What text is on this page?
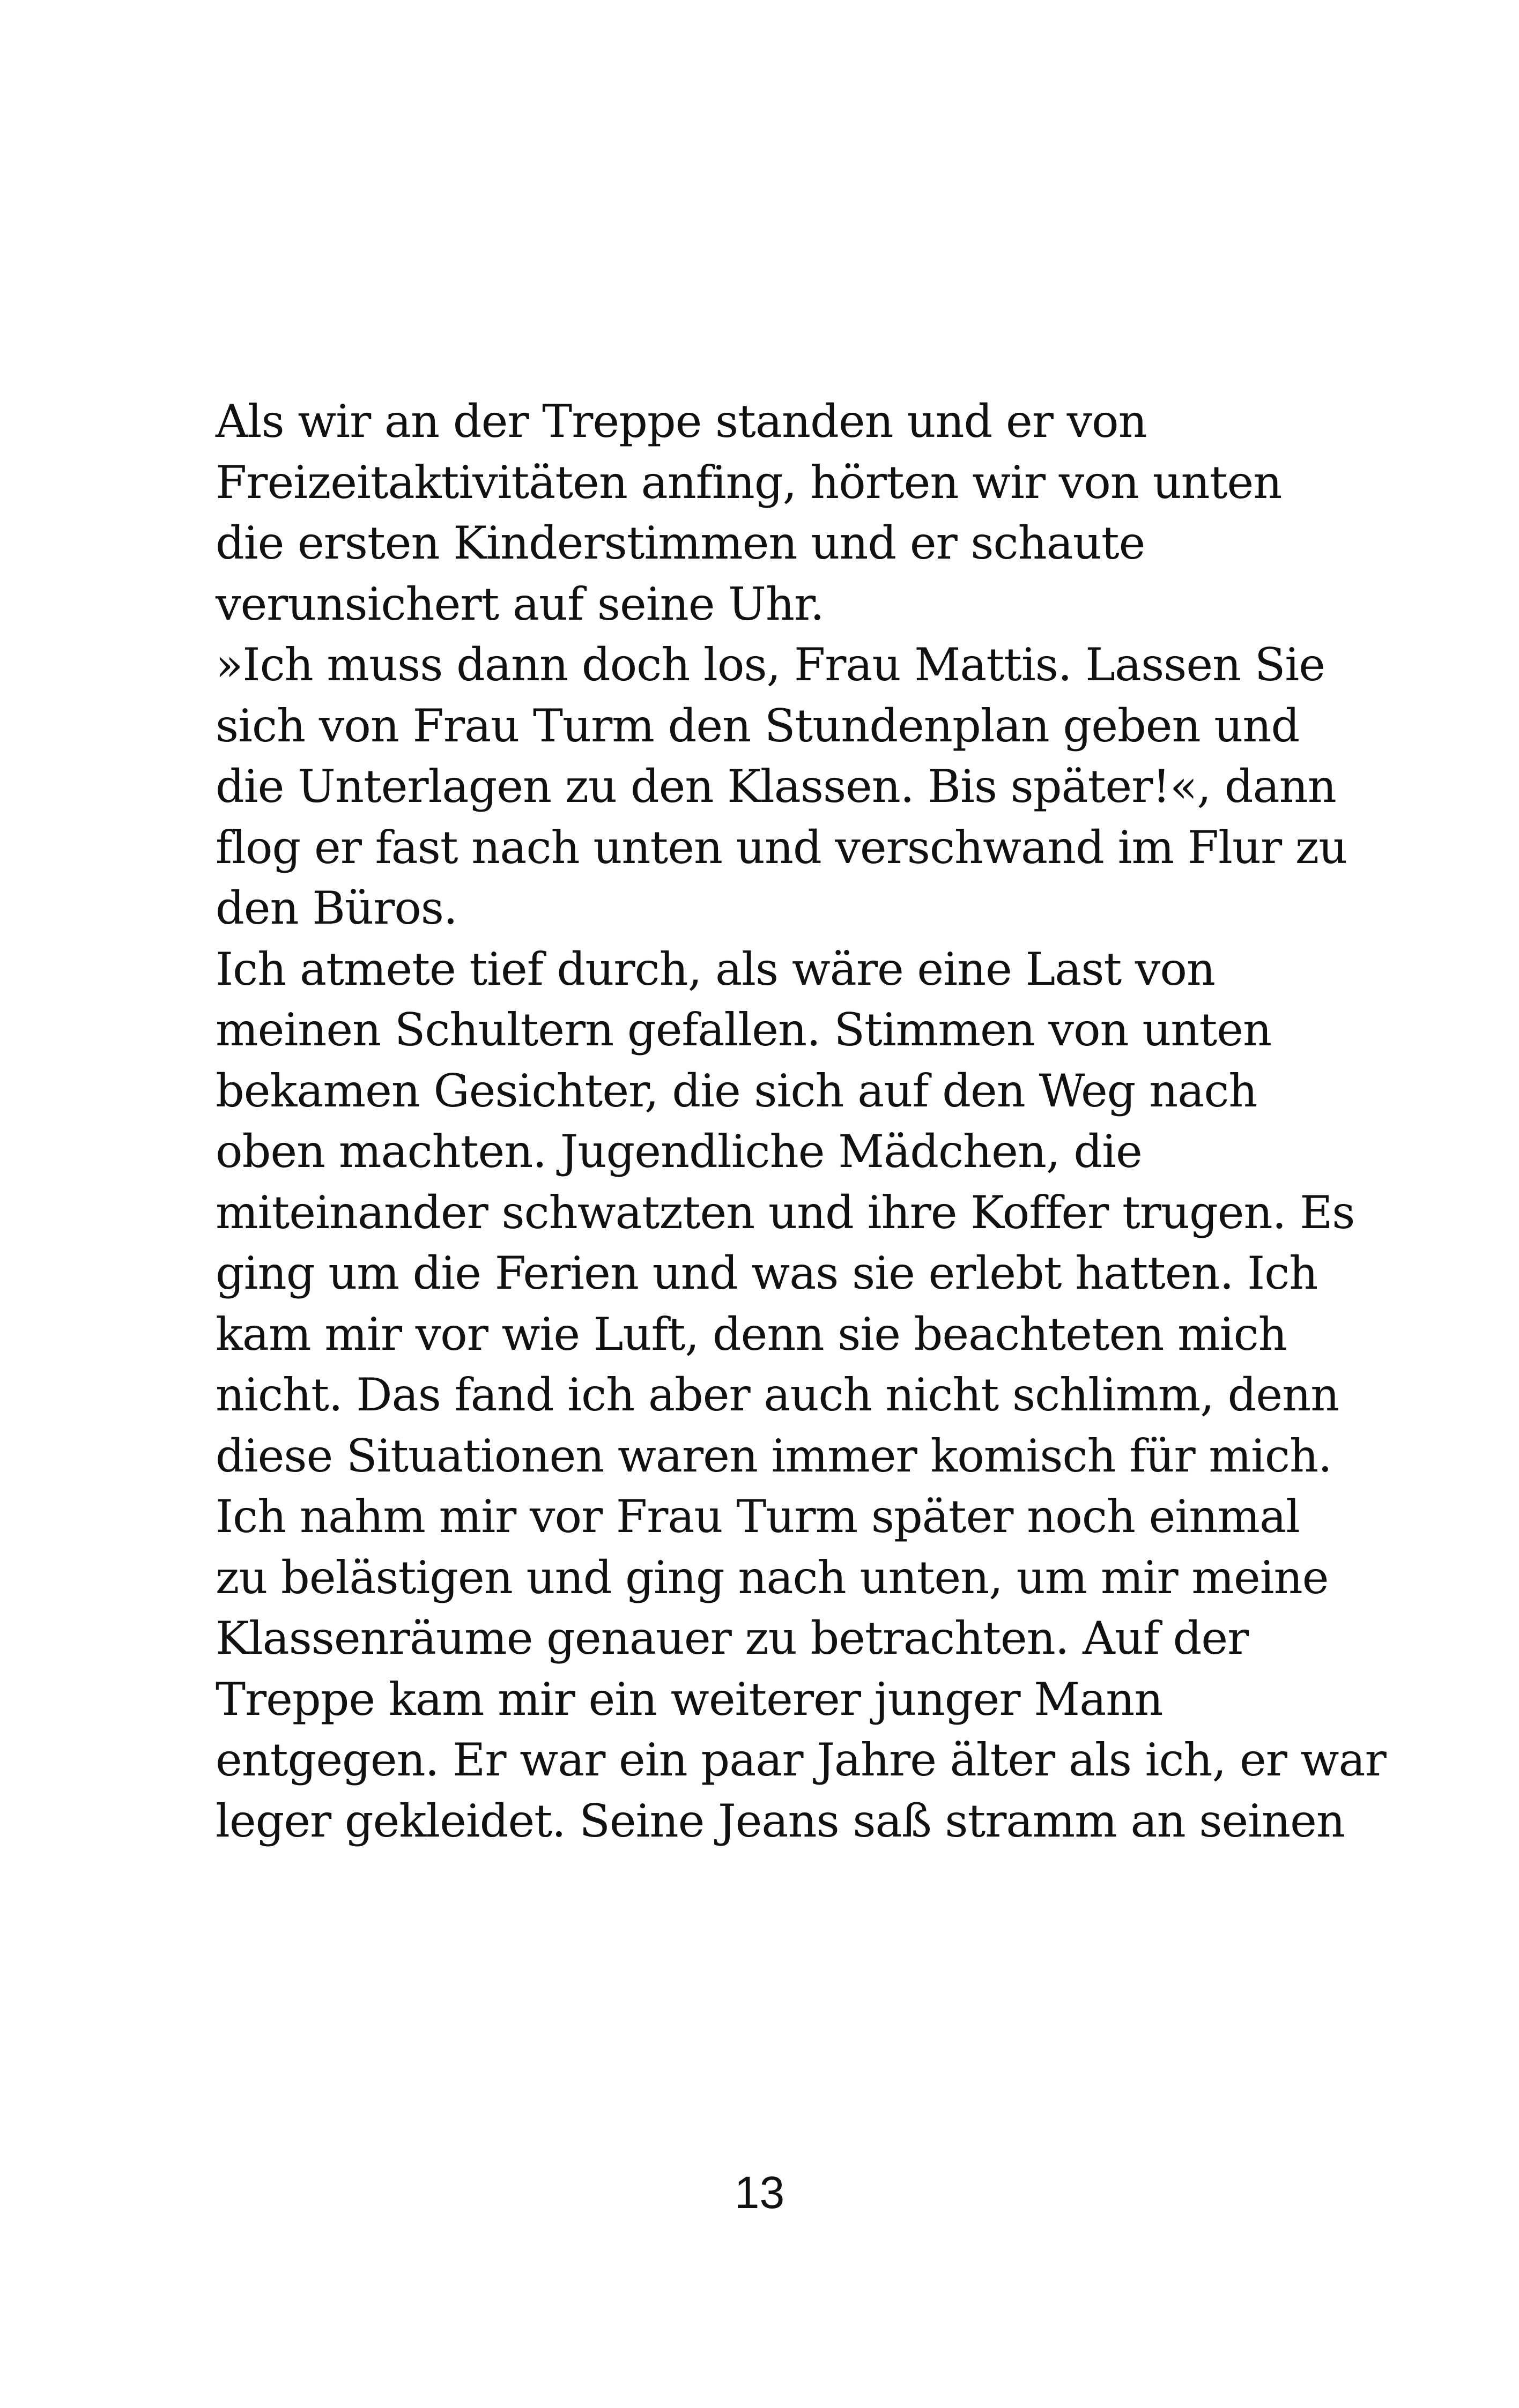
Als wir an der Treppe standen und er von
Freizeitaktivitäten anfing, hörten wir von unten
die ersten Kinderstimmen und er schaute
verunsichert auf seine Uhr.
»Ich muss dann doch los, Frau Mattis. Lassen Sie
sich von Frau Turm den Stundenplan geben und
die Unterlagen zu den Klassen. Bis später!«, dann
flog er fast nach unten und verschwand im Flur zu
den Büros.
Ich atmete tief durch, als wäre eine Last von
meinen Schultern gefallen. Stimmen von unten
bekamen Gesichter, die sich auf den Weg nach
oben machten. Jugendliche Mädchen, die
miteinander schwatzten und ihre Koffer trugen. Es
ging um die Ferien und was sie erlebt hatten. Ich
kam mir vor wie Luft, denn sie beachteten mich
nicht. Das fand ich aber auch nicht schlimm, denn
diese Situationen waren immer komisch für mich.
Ich nahm mir vor Frau Turm später noch einmal
zu belästigen und ging nach unten, um mir meine
Klassenräume genauer zu betrachten. Auf der
Treppe kam mir ein weiterer junger Mann
entgegen. Er war ein paar Jahre älter als ich, er war
leger gekleidet. Seine Jeans saß stramm an seinen
13
